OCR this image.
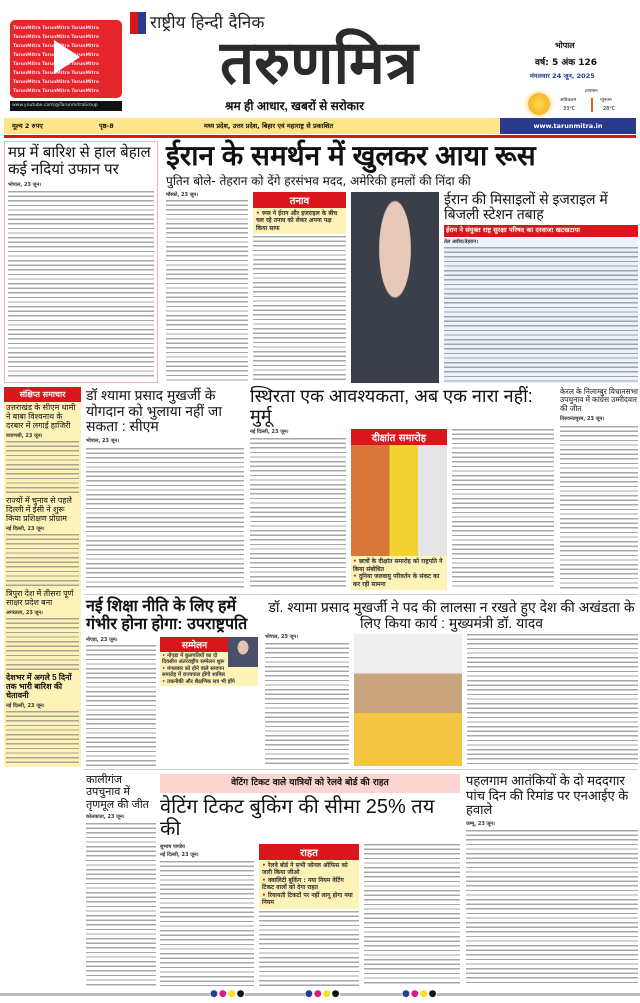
TarunMitra TarunMitra TarunMitra
TarunMitra TarunMitra TarunMitra
TarunMitra TarunMitra TarunMitra
TarunMitra TarunMitra TarunMitra
TarunMitra TarunMitra TarunMitra
TarunMitra TarunMitra TarunMitra
TarunMitra TarunMitra TarunMitra
TarunMitra TarunMitra TarunMitra
www.youtube.com/@TarunmitraGroup
राष्ट्रीय हिन्दी दैनिक
तरुणमित्र
श्रम ही आधार, खबरों से सरोकार
भोपाल
वर्ष: 5 अंक 126
मंगलवार 24 जून, 2025
तापमान
अधिकतम
33°C
न्यूनतम
28°C
मूल्य 2 रुपए	पृष्ठ-8	मध्य प्रदेश, उत्तर प्रदेश, बिहार एवं महाराष्ट्र से प्रकाशित	www.tarunmitra.in
मप्र में बारिश से हाल बेहाल कई नदियां उफान पर
भोपाल, 23 जून।
ईरान के समर्थन में खुलकर आया रूस
पुतिन बोले- तेहरान को देंगे हरसंभव मदद, अमेरिकी हमलों की निंदा की
मॉस्को, 23 जून।
तनाव
• रूस ने ईरान और इजराइल के बीच चल रहे तनाव को लेकर अपना पक्ष किया साफ
ईरान की मिसाइलों से इजराइल में बिजली स्टेशन तबाह
ईरान ने संयुक्त राष्ट्र सुरक्षा परिषद का दरवाजा खटखटाया
तेल अवीव/तेहरान।
संक्षिप्त समाचार
उत्तराखंड के सीएम धामी ने बाबा विश्वनाथ के दरबार में लगाई हाजिरी
वाराणसी, 23 जून।
राज्यों में चुनाव से पहले दिल्ली में ईसी ने शुरू किया प्रशिक्षण प्रोग्राम
नई दिल्ली, 23 जून।
त्रिपुरा देश में तीसरा पूर्ण साक्षर प्रदेश बना
अगरतला, 23 जून।
देशभर में अगले 5 दिनों तक भारी बारिश की चेतावनी
नई दिल्ली, 23 जून।
डॉ श्यामा प्रसाद मुखर्जी के योगदान को भुलाया नहीं जा सकता : सीएम
भोपाल, 23 जून।
स्थिरता एक आवश्यकता, अब एक नारा नहीं: मुर्मू
नई दिल्ली, 23 जून।
दीक्षांत समारोह
• छात्रों के दीक्षांत समारोह को राष्ट्रपति ने किया संबोधित
• दुनिया जलवायु परिवर्तन के संकट का कर रही सामना
केरल के निलाम्बुर विधानसभा उपचुनाव में कांग्रेस उम्मीदवार की जीत
तिरुवनंतपुरम, 23 जून।
नई शिक्षा नीति के लिए हमें गंभीर होना होगा: उपराष्ट्रपति
नोएडा, 23 जून।
सम्मेलन
• नोएडा में कुलपतियों का दो दिवसीय अंतरराष्ट्रीय सम्मेलन शुरू
• मंगलवार को होने वाले समापन समारोह में राज्यपाल होंगी शामिल
• तकनीकी और शैक्षणिक सत्र भी होंगे
डॉ. श्यामा प्रसाद मुखर्जी ने पद की लालसा न रखते हुए देश की अखंडता के लिए किया कार्य : मुख्यमंत्री डॉ. यादव
भोपाल, 23 जून।
कालीगंज उपचुनाव में तृणमूल की जीत
कोलकाता, 23 जून।
वेटिंग टिकट वाले यात्रियों को रेलवे बोर्ड की राहत
वेटिंग टिकट बुकिंग की सीमा 25% तय की
सुभाष पाण्डेय
नई दिल्ली, 23 जून।	राहत
• रेलवे बोर्ड ने सभी जोनल ऑफिस को जारी किया जीओ
• क्वालिटी बुकिंग : नया नियम वेटिंग टिकट वालों को देगा राहत
• रियायती टिकटों पर नहीं लागू होगा नया नियम
पहलगाम आतंकियों के दो मददगार पांच दिन की रिमांड पर एनआईए के हवाले
जम्मू, 23 जून।
●●●●	●●●●	●●●●
